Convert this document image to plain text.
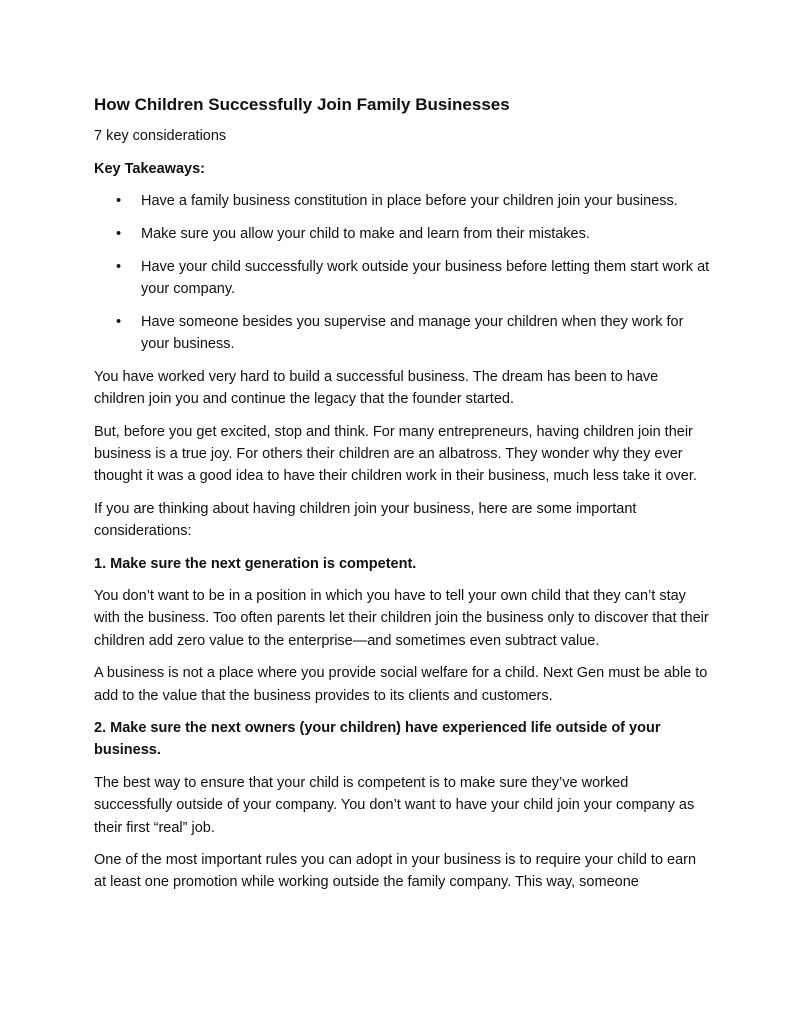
How Children Successfully Join Family Businesses
7 key considerations
Key Takeaways:
• Have a family business constitution in place before your children join your business.
• Make sure you allow your child to make and learn from their mistakes.
• Have your child successfully work outside your business before letting them start work at your company.
• Have someone besides you supervise and manage your children when they work for your business.
You have worked very hard to build a successful business. The dream has been to have children join you and continue the legacy that the founder started.
But, before you get excited, stop and think. For many entrepreneurs, having children join their business is a true joy. For others their children are an albatross. They wonder why they ever thought it was a good idea to have their children work in their business, much less take it over.
If you are thinking about having children join your business, here are some important considerations:
1. Make sure the next generation is competent.
You don’t want to be in a position in which you have to tell your own child that they can’t stay with the business. Too often parents let their children join the business only to discover that their children add zero value to the enterprise—and sometimes even subtract value.
A business is not a place where you provide social welfare for a child. Next Gen must be able to add to the value that the business provides to its clients and customers.
2. Make sure the next owners (your children) have experienced life outside of your business.
The best way to ensure that your child is competent is to make sure they’ve worked successfully outside of your company. You don’t want to have your child join your company as their first “real” job.
One of the most important rules you can adopt in your business is to require your child to earn at least one promotion while working outside the family company. This way, someone
